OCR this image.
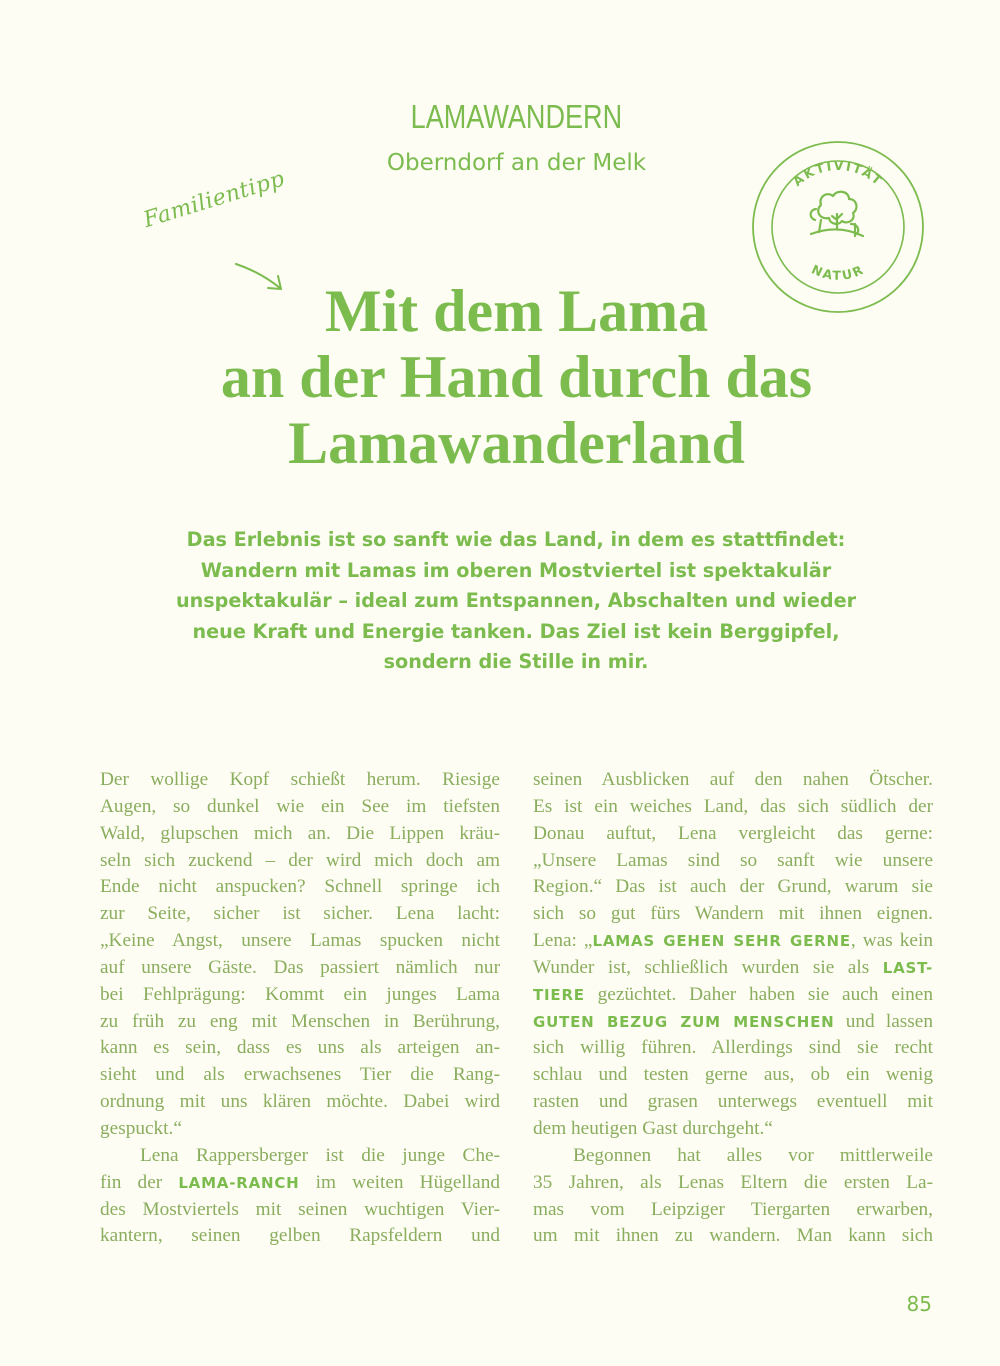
LAMAWANDERN
Oberndorf an der Melk
AKTIVITÄT
NATUR
Familientipp
Mit dem Lama
an der Hand durch das
Lamawanderland
Das Erlebnis ist so sanft wie das Land, in dem es stattfindet:
Wandern mit Lamas im oberen Mostviertel ist spektakulär
unspektakulär – ideal zum Entspannen, Abschalten und wieder
neue Kraft und Energie tanken. Das Ziel ist kein Berggipfel,
sondern die Stille in mir.
Der wollige Kopf schießt herum. Riesige
Augen, so dunkel wie ein See im tiefsten
Wald, glupschen mich an. Die Lippen kräu-
seln sich zuckend – der wird mich doch am
Ende nicht anspucken? Schnell springe ich
zur Seite, sicher ist sicher. Lena lacht:
„Keine Angst, unsere Lamas spucken nicht
auf unsere Gäste. Das passiert nämlich nur
bei Fehlprägung: Kommt ein junges Lama
zu früh zu eng mit Menschen in Berührung,
kann es sein, dass es uns als arteigen an-
sieht und als erwachsenes Tier die Rang-
ordnung mit uns klären möchte. Dabei wird
gespuckt.“
Lena Rappersberger ist die junge Che-
fin der LAMA-RANCH im weiten Hügelland
des Mostviertels mit seinen wuchtigen Vier-
kantern, seinen gelben Rapsfeldern und
seinen Ausblicken auf den nahen Ötscher.
Es ist ein weiches Land, das sich südlich der
Donau auftut, Lena vergleicht das gerne:
„Unsere Lamas sind so sanft wie unsere
Region.“ Das ist auch der Grund, warum sie
sich so gut fürs Wandern mit ihnen eignen.
Lena: „LAMAS GEHEN SEHR GERNE, was kein
Wunder ist, schließlich wurden sie als LAST-
TIERE gezüchtet. Daher haben sie auch einen
GUTEN BEZUG ZUM MENSCHEN und lassen
sich willig führen. Allerdings sind sie recht
schlau und testen gerne aus, ob ein wenig
rasten und grasen unterwegs eventuell mit
dem heutigen Gast durchgeht.“
Begonnen hat alles vor mittlerweile
35 Jahren, als Lenas Eltern die ersten La-
mas vom Leipziger Tiergarten erwarben,
um mit ihnen zu wandern. Man kann sich
85
